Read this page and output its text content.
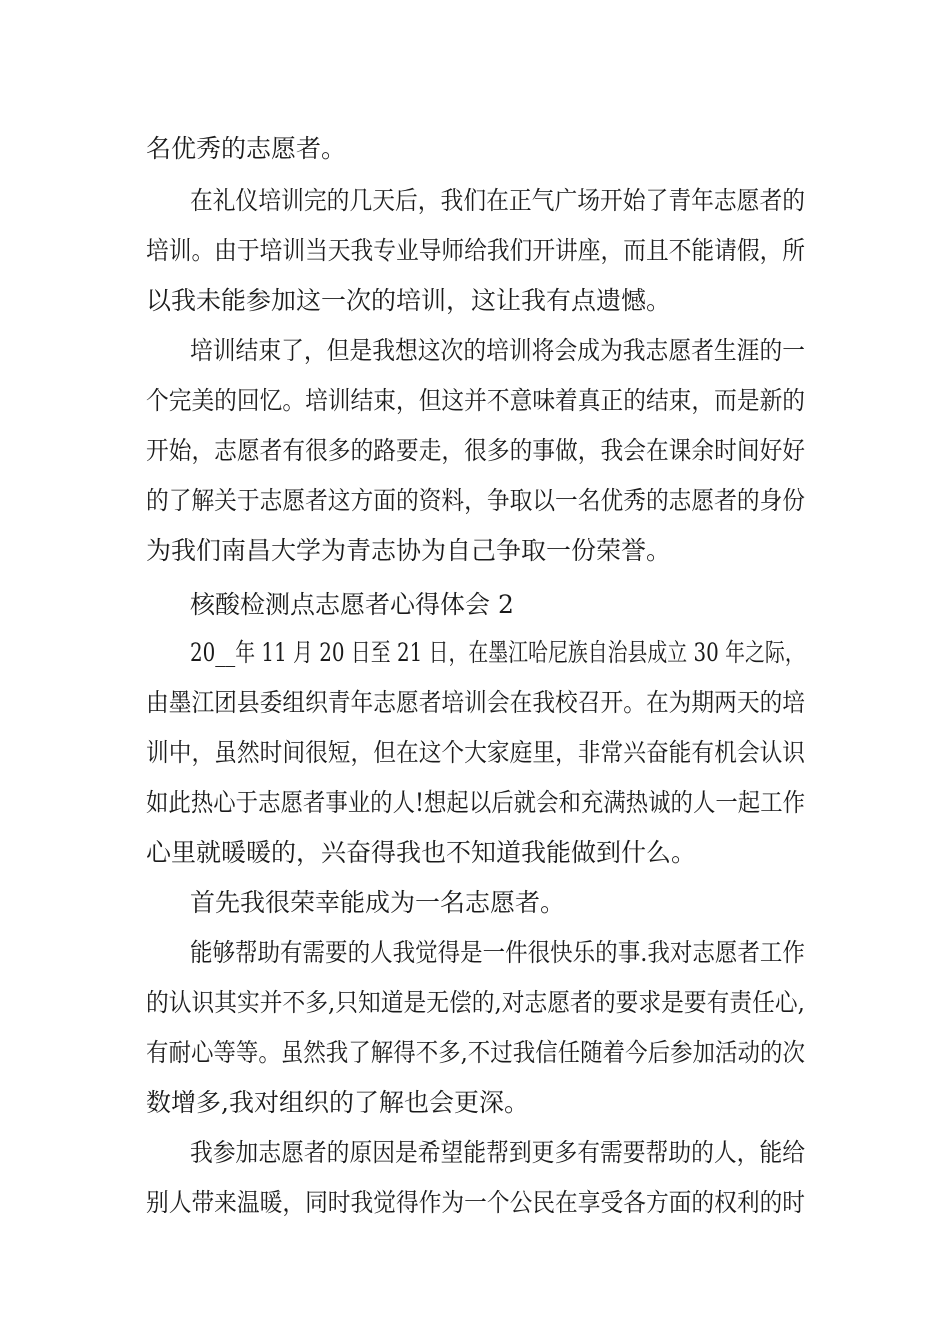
名优秀的志愿者。
在礼仪培训完的几天后，我们在正气广场开始了青年志愿者的
培训。由于培训当天我专业导师给我们开讲座，而且不能请假，所
以我未能参加这一次的培训，这让我有点遗憾。
培训结束了，但是我想这次的培训将会成为我志愿者生涯的一
个完美的回忆。培训结束，但这并不意味着真正的结束，而是新的
开始，志愿者有很多的路要走，很多的事做，我会在课余时间好好
的了解关于志愿者这方面的资料，争取以一名优秀的志愿者的身份
为我们南昌大学为青志协为自己争取一份荣誉。
核酸检测点志愿者心得体会 2
20__年 11 月 20 日至 21 日，在墨江哈尼族自治县成立 30 年之际，
由墨江团县委组织青年志愿者培训会在我校召开。在为期两天的培
训中，虽然时间很短，但在这个大家庭里，非常兴奋能有机会认识
如此热心于志愿者事业的人!想起以后就会和充满热诚的人一起工作
心里就暖暖的，兴奋得我也不知道我能做到什么。
首先我很荣幸能成为一名志愿者。
能够帮助有需要的人我觉得是一件很快乐的事.我对志愿者工作
的认识其实并不多,只知道是无偿的,对志愿者的要求是要有责任心,
有耐心等等。虽然我了解得不多,不过我信任随着今后参加活动的次
数增多,我对组织的了解也会更深。
我参加志愿者的原因是希望能帮到更多有需要帮助的人，能给
别人带来温暖，同时我觉得作为一个公民在享受各方面的权利的时
